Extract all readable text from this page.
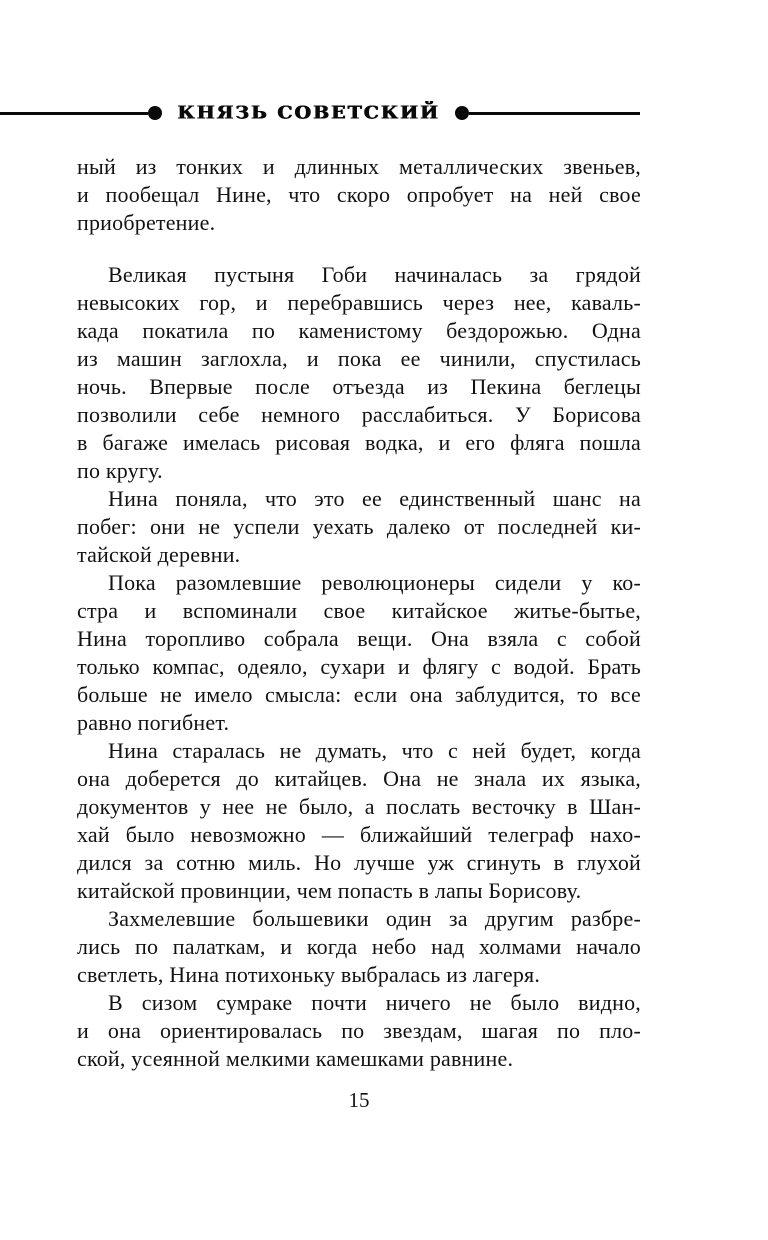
КНЯЗЬ СОВЕТСКИЙ
ный из тонких и длинных металлических звеньев,
и пообещал Нине, что скоро опробует на ней свое
приобретение.
Великая пустыня Гоби начиналась за грядой
невысоких гор, и перебравшись через нее, каваль-
када покатила по каменистому бездорожью. Одна
из машин заглохла, и пока ее чинили, спустилась
ночь. Впервые после отъезда из Пекина беглецы
позволили себе немного расслабиться. У Борисова
в багаже имелась рисовая водка, и его фляга пошла
по кругу.
Нина поняла, что это ее единственный шанс на
побег: они не успели уехать далеко от последней ки-
тайской деревни.
Пока разомлевшие революционеры сидели у ко-
стра и вспоминали свое китайское житье-бытье,
Нина торопливо собрала вещи. Она взяла с собой
только компас, одеяло, сухари и флягу с водой. Брать
больше не имело смысла: если она заблудится, то все
равно погибнет.
Нина старалась не думать, что с ней будет, когда
она доберется до китайцев. Она не знала их языка,
документов у нее не было, а послать весточку в Шан-
хай было невозможно — ближайший телеграф нахо-
дился за сотню миль. Но лучше уж сгинуть в глухой
китайской провинции, чем попасть в лапы Борисову.
Захмелевшие большевики один за другим разбре-
лись по палаткам, и когда небо над холмами начало
светлеть, Нина потихоньку выбралась из лагеря.
В сизом сумраке почти ничего не было видно,
и она ориентировалась по звездам, шагая по пло-
ской, усеянной мелкими камешками равнине.
15
